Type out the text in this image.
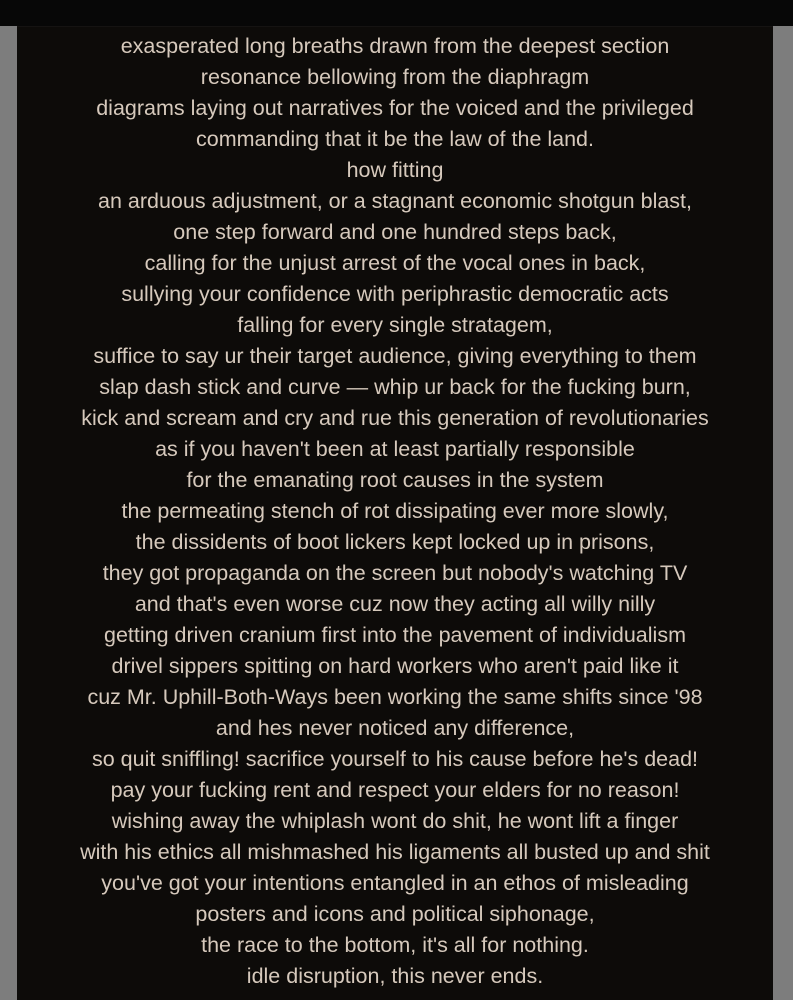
exasperated long breaths drawn from the deepest section
resonance bellowing from the diaphragm
diagrams laying out narratives for the voiced and the privileged
commanding that it be the law of the land.
how fitting
an arduous adjustment, or a stagnant economic shotgun blast,
one step forward and one hundred steps back,
calling for the unjust arrest of the vocal ones in back,
sullying your confidence with periphrastic democratic acts
falling for every single stratagem,
suffice to say ur their target audience, giving everything to them
slap dash stick and curve — whip ur back for the fucking burn,
kick and scream and cry and rue this generation of revolutionaries
as if you haven't been at least partially responsible
for the emanating root causes in the system
the permeating stench of rot dissipating ever more slowly,
the dissidents of boot lickers kept locked up in prisons,
they got propaganda on the screen but nobody's watching TV
and that's even worse cuz now they acting all willy nilly
getting driven cranium first into the pavement of individualism
drivel sippers spitting on hard workers who aren't paid like it
cuz Mr. Uphill-Both-Ways been working the same shifts since '98
and hes never noticed any difference,
so quit sniffling! sacrifice yourself to his cause before he's dead!
pay your fucking rent and respect your elders for no reason!
wishing away the whiplash wont do shit, he wont lift a finger
with his ethics all mishmashed his ligaments all busted up and shit
you've got your intentions entangled in an ethos of misleading
posters and icons and political siphonage,
the race to the bottom, it's all for nothing.
idle disruption, this never ends.
